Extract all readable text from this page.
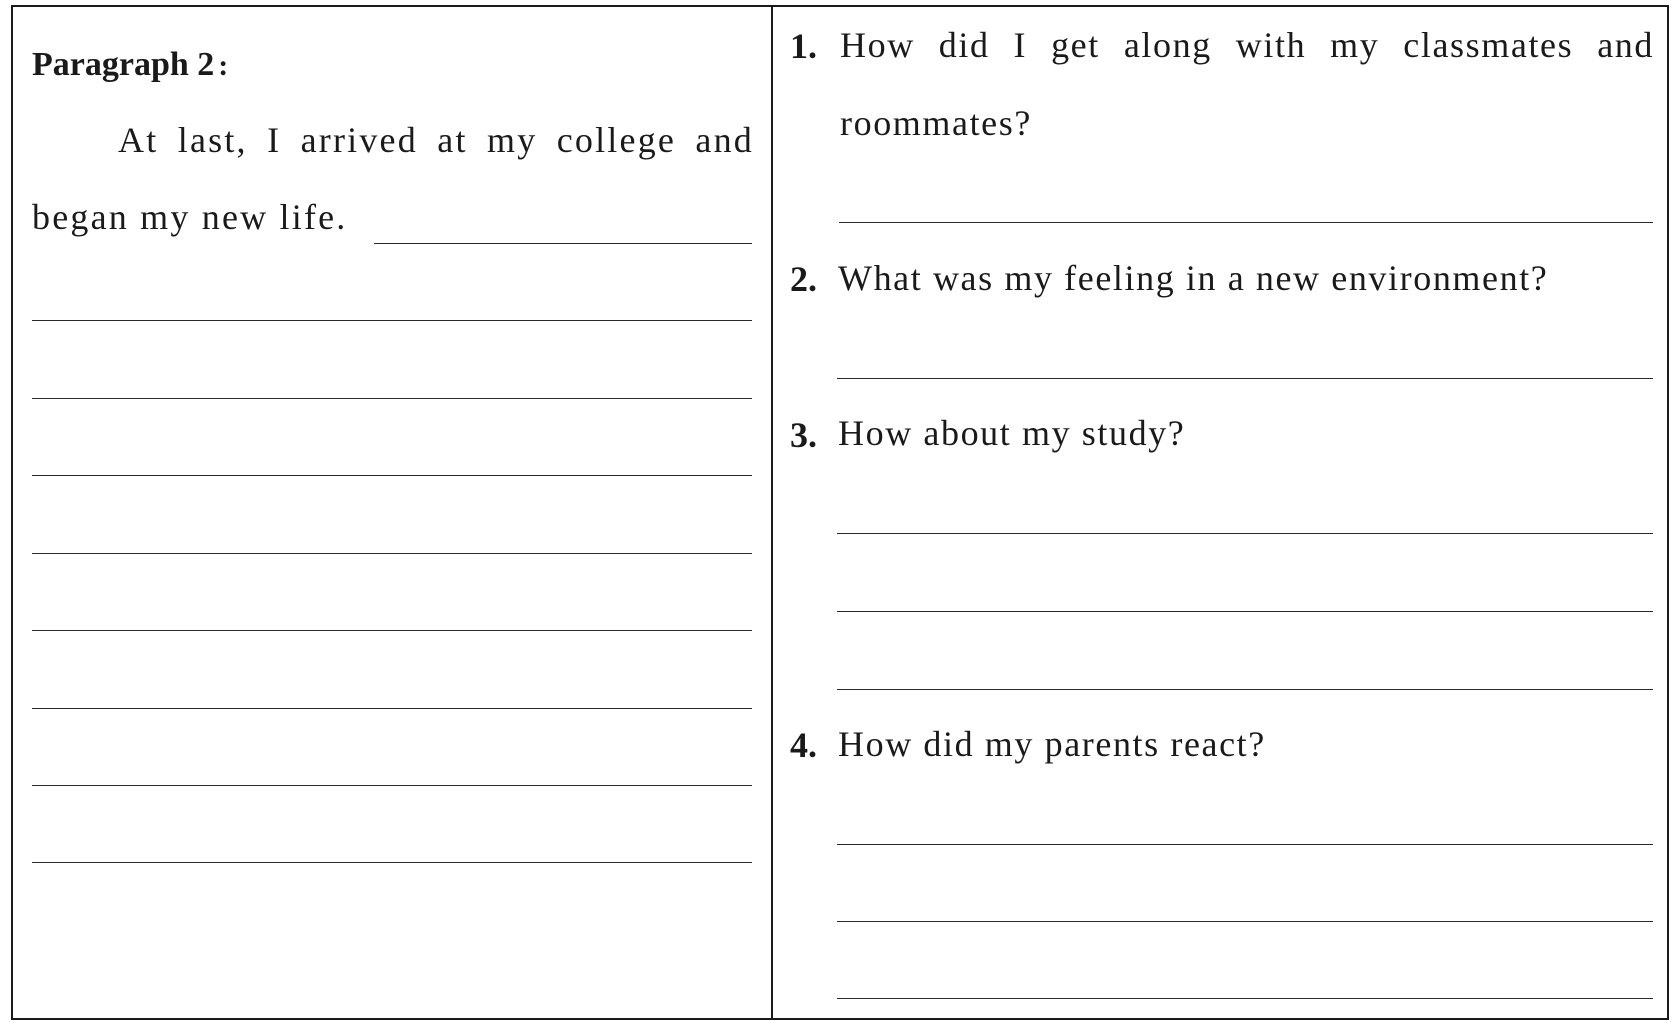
Paragraph 2 :
At last, I arrived at my college and
began my new life.
1. How did I get along with my classmates and
roommates?
2. What was my feeling in a new environment?
3. How about my study?
4. How did my parents react?
